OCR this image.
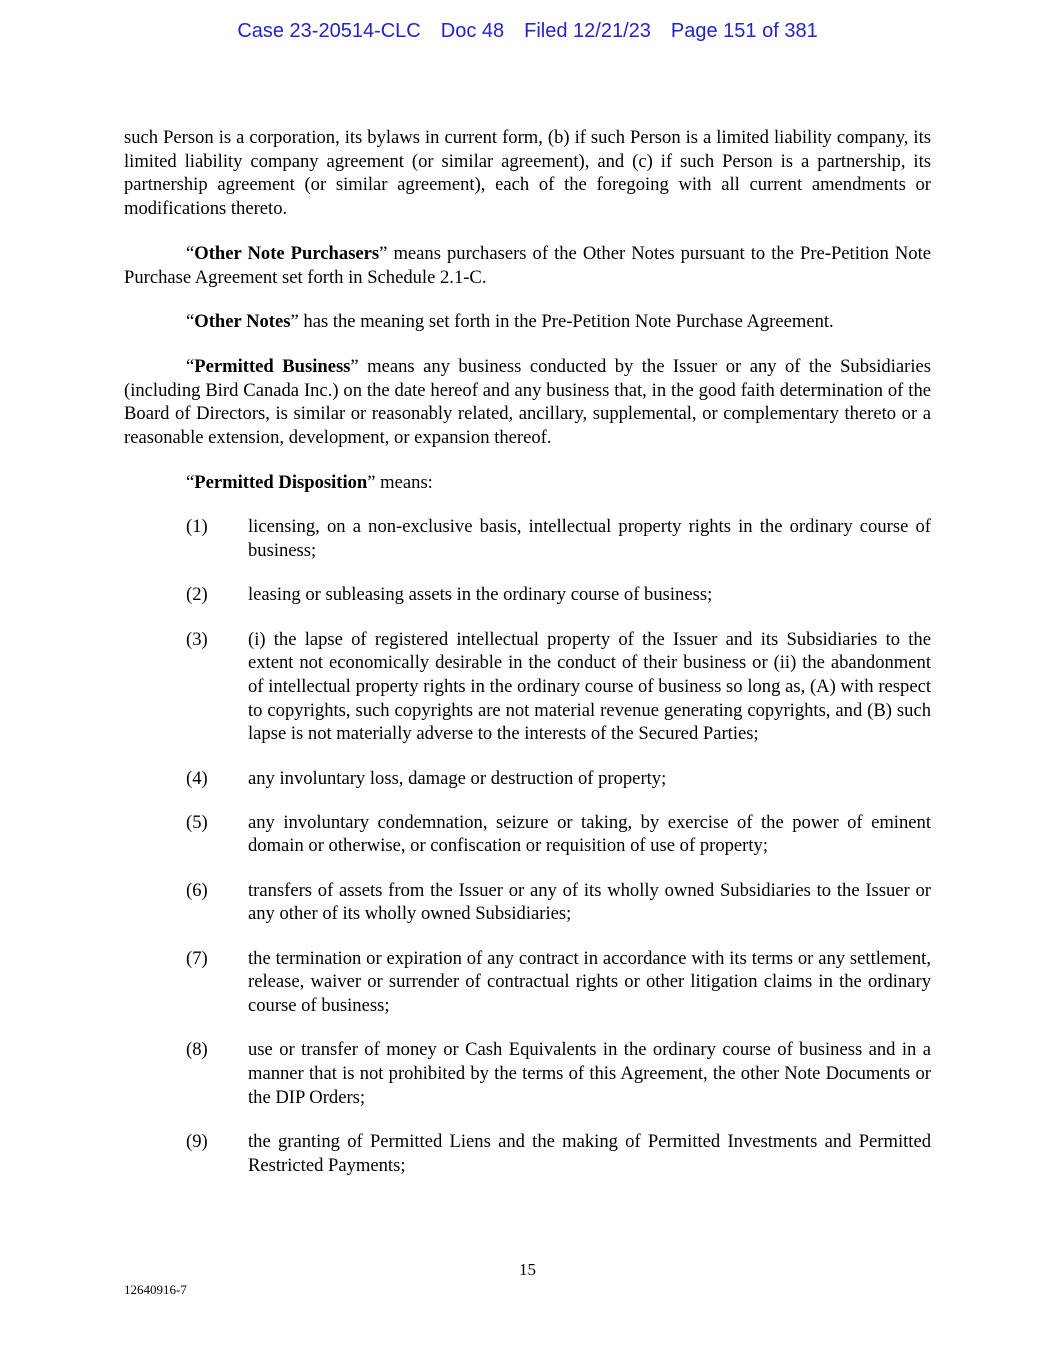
Case 23-20514-CLC Doc 48 Filed 12/21/23 Page 151 of 381

such Person is a corporation, its bylaws in current form, (b) if such Person is a limited liability company, its limited liability company agreement (or similar agreement), and (c) if such Person is a partnership, its partnership agreement (or similar agreement), each of the foregoing with all current amendments or modifications thereto.

“Other Note Purchasers” means purchasers of the Other Notes pursuant to the Pre-Petition Note Purchase Agreement set forth in Schedule 2.1-C.

“Other Notes” has the meaning set forth in the Pre-Petition Note Purchase Agreement.

“Permitted Business” means any business conducted by the Issuer or any of the Subsidiaries (including Bird Canada Inc.) on the date hereof and any business that, in the good faith determination of the Board of Directors, is similar or reasonably related, ancillary, supplemental, or complementary thereto or a reasonable extension, development, or expansion thereof.

“Permitted Disposition” means:

(1)	licensing, on a non-exclusive basis, intellectual property rights in the ordinary course of business;
(2)	leasing or subleasing assets in the ordinary course of business;
(3)	(i) the lapse of registered intellectual property of the Issuer and its Subsidiaries to the extent not economically desirable in the conduct of their business or (ii) the abandonment of intellectual property rights in the ordinary course of business so long as, (A) with respect to copyrights, such copyrights are not material revenue generating copyrights, and (B) such lapse is not materially adverse to the interests of the Secured Parties;
(4)	any involuntary loss, damage or destruction of property;
(5)	any involuntary condemnation, seizure or taking, by exercise of the power of eminent domain or otherwise, or confiscation or requisition of use of property;
(6)	transfers of assets from the Issuer or any of its wholly owned Subsidiaries to the Issuer or any other of its wholly owned Subsidiaries;
(7)	the termination or expiration of any contract in accordance with its terms or any settlement, release, waiver or surrender of contractual rights or other litigation claims in the ordinary course of business;
(8)	use or transfer of money or Cash Equivalents in the ordinary course of business and in a manner that is not prohibited by the terms of this Agreement, the other Note Documents or the DIP Orders;
(9)	the granting of Permitted Liens and the making of Permitted Investments and Permitted Restricted Payments;
15
12640916-7
